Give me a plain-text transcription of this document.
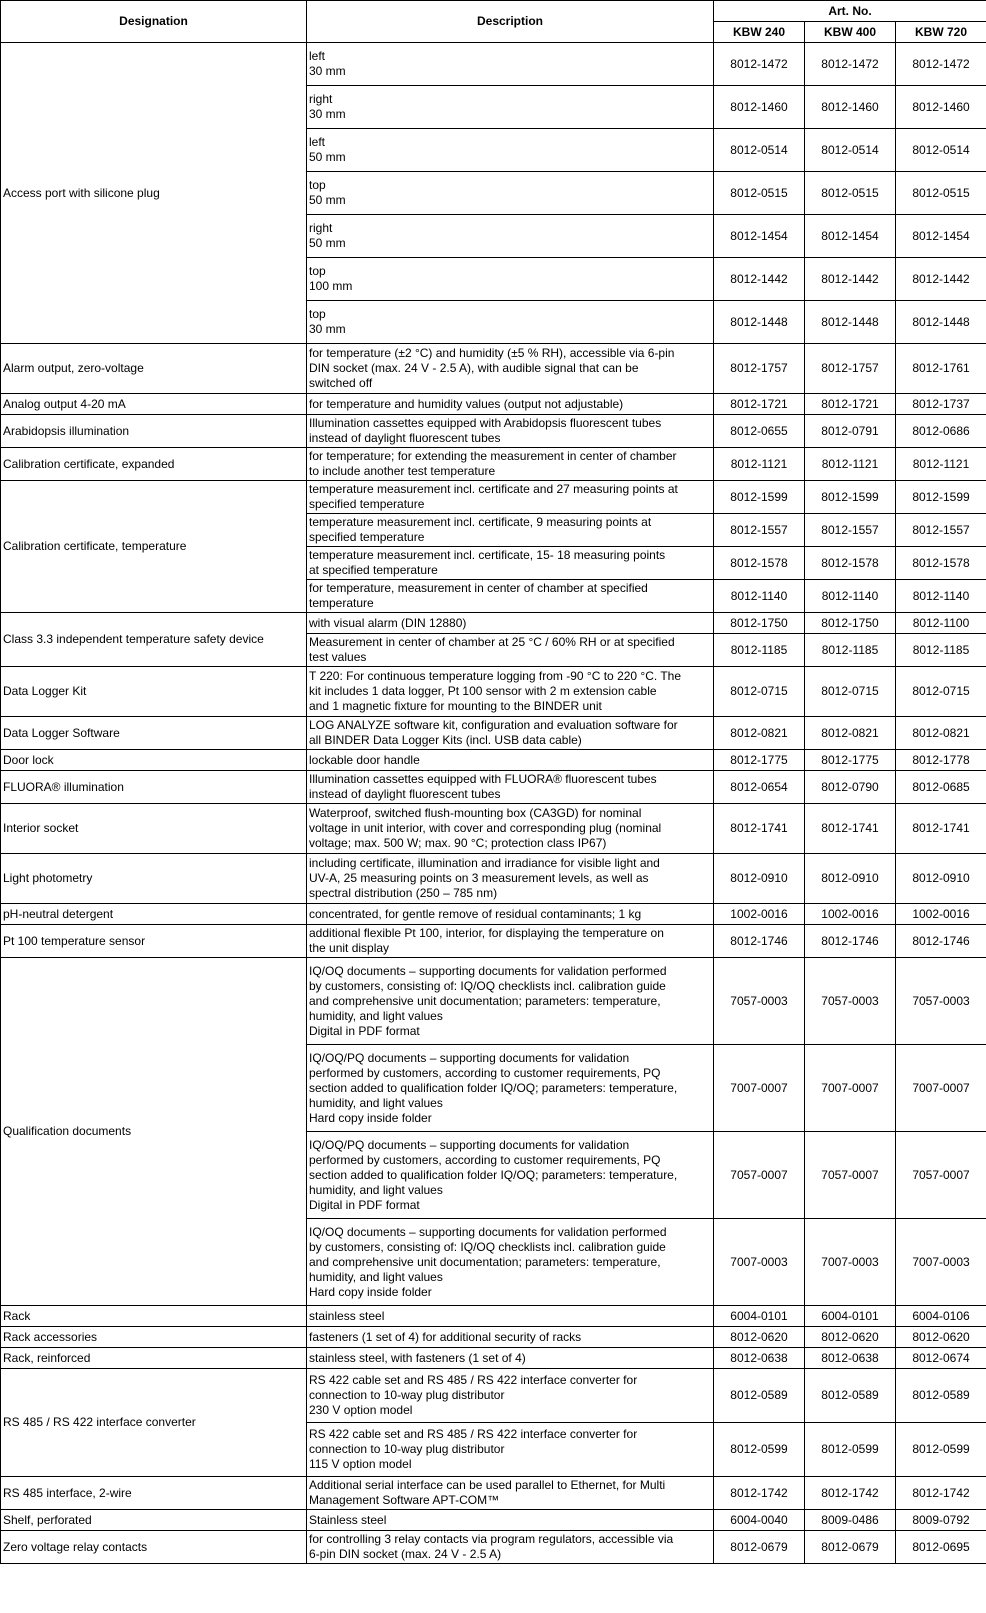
Designation	Description	Art. No.		
		KBW 240	KBW 400	KBW 720
Access port with silicone plug	left
30 mm	8012-1472	8012-1472	8012-1472

	right
30 mm	8012-1460	8012-1460	8012-1460

	left
50 mm	8012-0514	8012-0514	8012-0514

	top
50 mm	8012-0515	8012-0515	8012-0515

	right
50 mm	8012-1454	8012-1454	8012-1454

	top
100 mm	8012-1442	8012-1442	8012-1442

	top
30 mm	8012-1448	8012-1448	8012-1448
Alarm output, zero-voltage	for temperature (±2 °C) and humidity (±5 % RH), accessible via 6-pin
DIN socket (max. 24 V - 2.5 A), with audible signal that can be
switched off	8012-1757	8012-1757	8012-1761
Analog output 4-20 mA	for temperature and humidity values (output not adjustable)	8012-1721	8012-1721	8012-1737
Arabidopsis illumination	Illumination cassettes equipped with Arabidopsis fluorescent tubes
instead of daylight fluorescent tubes	8012-0655	8012-0791	8012-0686
Calibration certificate, expanded	for temperature; for extending the measurement in center of chamber
to include another test temperature	8012-1121	8012-1121	8012-1121
Calibration certificate, temperature	temperature measurement incl. certificate and 27 measuring points at
specified temperature	8012-1599	8012-1599	8012-1599

	temperature measurement incl. certificate, 9 measuring points at
specified temperature	8012-1557	8012-1557	8012-1557

	temperature measurement incl. certificate, 15- 18 measuring points
at specified temperature	8012-1578	8012-1578	8012-1578

	for temperature, measurement in center of chamber at specified
temperature	8012-1140	8012-1140	8012-1140
Class 3.3 independent temperature safety device	with visual alarm (DIN 12880)	8012-1750	8012-1750	8012-1100

	Measurement in center of chamber at 25 °C / 60% RH or at specified
test values	8012-1185	8012-1185	8012-1185
Data Logger Kit	T 220: For continuous temperature logging from -90 °C to 220 °C. The
kit includes 1 data logger, Pt 100 sensor with 2 m extension cable
and 1 magnetic fixture for mounting to the BINDER unit	8012-0715	8012-0715	8012-0715
Data Logger Software	LOG ANALYZE software kit, configuration and evaluation software for
all BINDER Data Logger Kits (incl. USB data cable)	8012-0821	8012-0821	8012-0821
Door lock	lockable door handle	8012-1775	8012-1775	8012-1778
FLUORA® illumination	Illumination cassettes equipped with FLUORA® fluorescent tubes
instead of daylight fluorescent tubes	8012-0654	8012-0790	8012-0685
Interior socket	Waterproof, switched flush-mounting box (CA3GD) for nominal
voltage in unit interior, with cover and corresponding plug (nominal
voltage; max. 500 W; max. 90 °C; protection class IP67)	8012-1741	8012-1741	8012-1741
Light photometry	including certificate, illumination and irradiance for visible light and
UV-A, 25 measuring points on 3 measurement levels, as well as
spectral distribution (250 – 785 nm)	8012-0910	8012-0910	8012-0910
pH-neutral detergent	concentrated, for gentle remove of residual contaminants; 1 kg	1002-0016	1002-0016	1002-0016
Pt 100 temperature sensor	additional flexible Pt 100, interior, for displaying the temperature on
the unit display	8012-1746	8012-1746	8012-1746
Qualification documents	IQ/OQ documents – supporting documents for validation performed
by customers, consisting of: IQ/OQ checklists incl. calibration guide
and comprehensive unit documentation; parameters: temperature,
humidity, and light values
Digital in PDF format	7057-0003	7057-0003	7057-0003

	IQ/OQ/PQ documents – supporting documents for validation
performed by customers, according to customer requirements, PQ
section added to qualification folder IQ/OQ; parameters: temperature,
humidity, and light values
Hard copy inside folder	7007-0007	7007-0007	7007-0007

	IQ/OQ/PQ documents – supporting documents for validation
performed by customers, according to customer requirements, PQ
section added to qualification folder IQ/OQ; parameters: temperature,
humidity, and light values
Digital in PDF format	7057-0007	7057-0007	7057-0007

	IQ/OQ documents – supporting documents for validation performed
by customers, consisting of: IQ/OQ checklists incl. calibration guide
and comprehensive unit documentation; parameters: temperature,
humidity, and light values
Hard copy inside folder	7007-0003	7007-0003	7007-0003
Rack	stainless steel	6004-0101	6004-0101	6004-0106
Rack accessories	fasteners (1 set of 4) for additional security of racks	8012-0620	8012-0620	8012-0620
Rack, reinforced	stainless steel, with fasteners (1 set of 4)	8012-0638	8012-0638	8012-0674
RS 485 / RS 422 interface converter	RS 422 cable set and RS 485 / RS 422 interface converter for
connection to 10-way plug distributor
230 V option model	8012-0589	8012-0589	8012-0589

	RS 422 cable set and RS 485 / RS 422 interface converter for
connection to 10-way plug distributor
115 V option model	8012-0599	8012-0599	8012-0599
RS 485 interface, 2-wire	Additional serial interface can be used parallel to Ethernet, for Multi
Management Software APT-COM™	8012-1742	8012-1742	8012-1742
Shelf, perforated	Stainless steel	6004-0040	8009-0486	8009-0792
Zero voltage relay contacts	for controlling 3 relay contacts via program regulators, accessible via
6-pin DIN socket (max. 24 V - 2.5 A)	8012-0679	8012-0679	8012-0695
